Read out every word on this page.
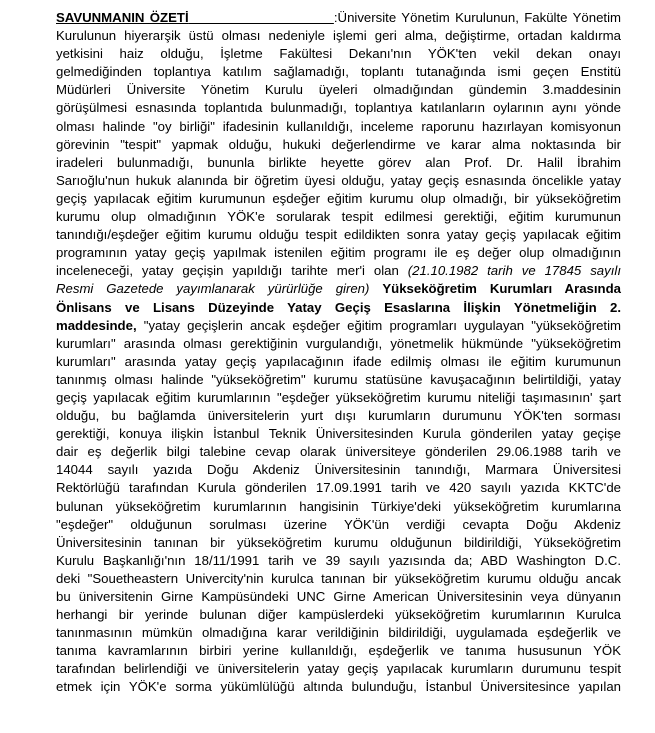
SAVUNMANIN ÖZETİ	:Üniversite Yönetim Kurulunun, Fakülte Yönetim
Kurulunun hiyerarşik üstü olması nedeniyle işlemi geri alma, değiştirme, ortadan kaldırma
yetkisini haiz olduğu, İşletme Fakültesi Dekanı'nın YÖK'ten vekil dekan onayı
gelmediğinden toplantıya katılım sağlamadığı, toplantı tutanağında ismi geçen Enstitü
Müdürleri Üniversite Yönetim Kurulu üyeleri olmadığından gündemin 3.maddesinin
görüşülmesi esnasında toplantıda bulunmadığı, toplantıya katılanların oylarının aynı yönde
olması halinde "oy birliği" ifadesinin kullanıldığı, inceleme raporunu hazırlayan komisyonun
görevinin "tespit" yapmak olduğu, hukuki değerlendirme ve karar alma noktasında bir
iradeleri bulunmadığı, bununla birlikte heyette görev alan Prof. Dr. Halil İbrahim
Sarıoğlu'nun hukuk alanında bir öğretim üyesi olduğu, yatay geçiş esnasında öncelikle yatay
geçiş yapılacak eğitim kurumunun eşdeğer eğitim kurumu olup olmadığı, bir yükseköğretim
kurumu olup olmadığının YÖK'e sorularak tespit edilmesi gerektiği, eğitim kurumunun
tanındığı/eşdeğer eğitim kurumu olduğu tespit edildikten sonra yatay geçiş yapılacak eğitim
programının yatay geçiş yapılmak istenilen eğitim programı ile eş değer olup olmadığının
inceleneceği, yatay geçişin yapıldığı tarihte mer'i olan (21.10.1982 tarih ve 17845 sayılı
Resmi Gazetede yayımlanarak yürürlüğe giren) Yükseköğretim Kurumları Arasında
Önlisans ve Lisans Düzeyinde Yatay Geçiş Esaslarına İlişkin Yönetmeliğin 2.
maddesinde, "yatay geçişlerin ancak eşdeğer eğitim programları uygulayan "yükseköğretim
kurumları" arasında olması gerektiğinin vurgulandığı, yönetmelik hükmünde "yükseköğretim
kurumları" arasında yatay geçiş yapılacağının ifade edilmiş olması ile eğitim kurumunun
tanınmış olması halinde "yükseköğretim" kurumu statüsüne kavuşacağının belirtildiği, yatay
geçiş yapılacak eğitim kurumlarının "eşdeğer yükseköğretim kurumu niteliği taşımasının' şart
olduğu, bu bağlamda üniversitelerin yurt dışı kurumların durumunu YÖK'ten sorması
gerektiği, konuya ilişkin İstanbul Teknik Üniversitesinden Kurula gönderilen yatay geçişe
dair eş değerlik bilgi talebine cevap olarak üniversiteye gönderilen 29.06.1988 tarih ve
14044 sayılı yazıda Doğu Akdeniz Üniversitesinin tanındığı, Marmara Üniversitesi
Rektörlüğü tarafından Kurula gönderilen 17.09.1991 tarih ve 420 sayılı yazıda KKTC'de
bulunan yükseköğretim kurumlarının hangisinin Türkiye'deki yükseköğretim kurumlarına
"eşdeğer" olduğunun sorulması üzerine YÖK'ün verdiği cevapta Doğu Akdeniz
Üniversitesinin tanınan bir yükseköğretim kurumu olduğunun bildirildiği, Yükseköğretim
Kurulu Başkanlığı'nın 18/11/1991 tarih ve 39 sayılı yazısında da; ABD Washington D.C.
deki "Souetheastern Univercity'nin kurulca tanınan bir yükseköğretim kurumu olduğu ancak
bu üniversitenin Girne Kampüsündeki UNC Girne American Üniversitesinin veya dünyanın
herhangi bir yerinde bulunan diğer kampüslerdeki yükseköğretim kurumlarının Kurulca
tanınmasının mümkün olmadığına karar verildiğinin bildirildiği, uygulamada eşdeğerlik ve
tanıma kavramlarının birbiri yerine kullanıldığı, eşdeğerlik ve tanıma hususunun YÖK
tarafından belirlendiği ve üniversitelerin yatay geçiş yapılacak kurumların durumunu tespit
etmek için YÖK'e sorma yükümlülüğü altında bulunduğu, İstanbul Üniversitesince yapılan
